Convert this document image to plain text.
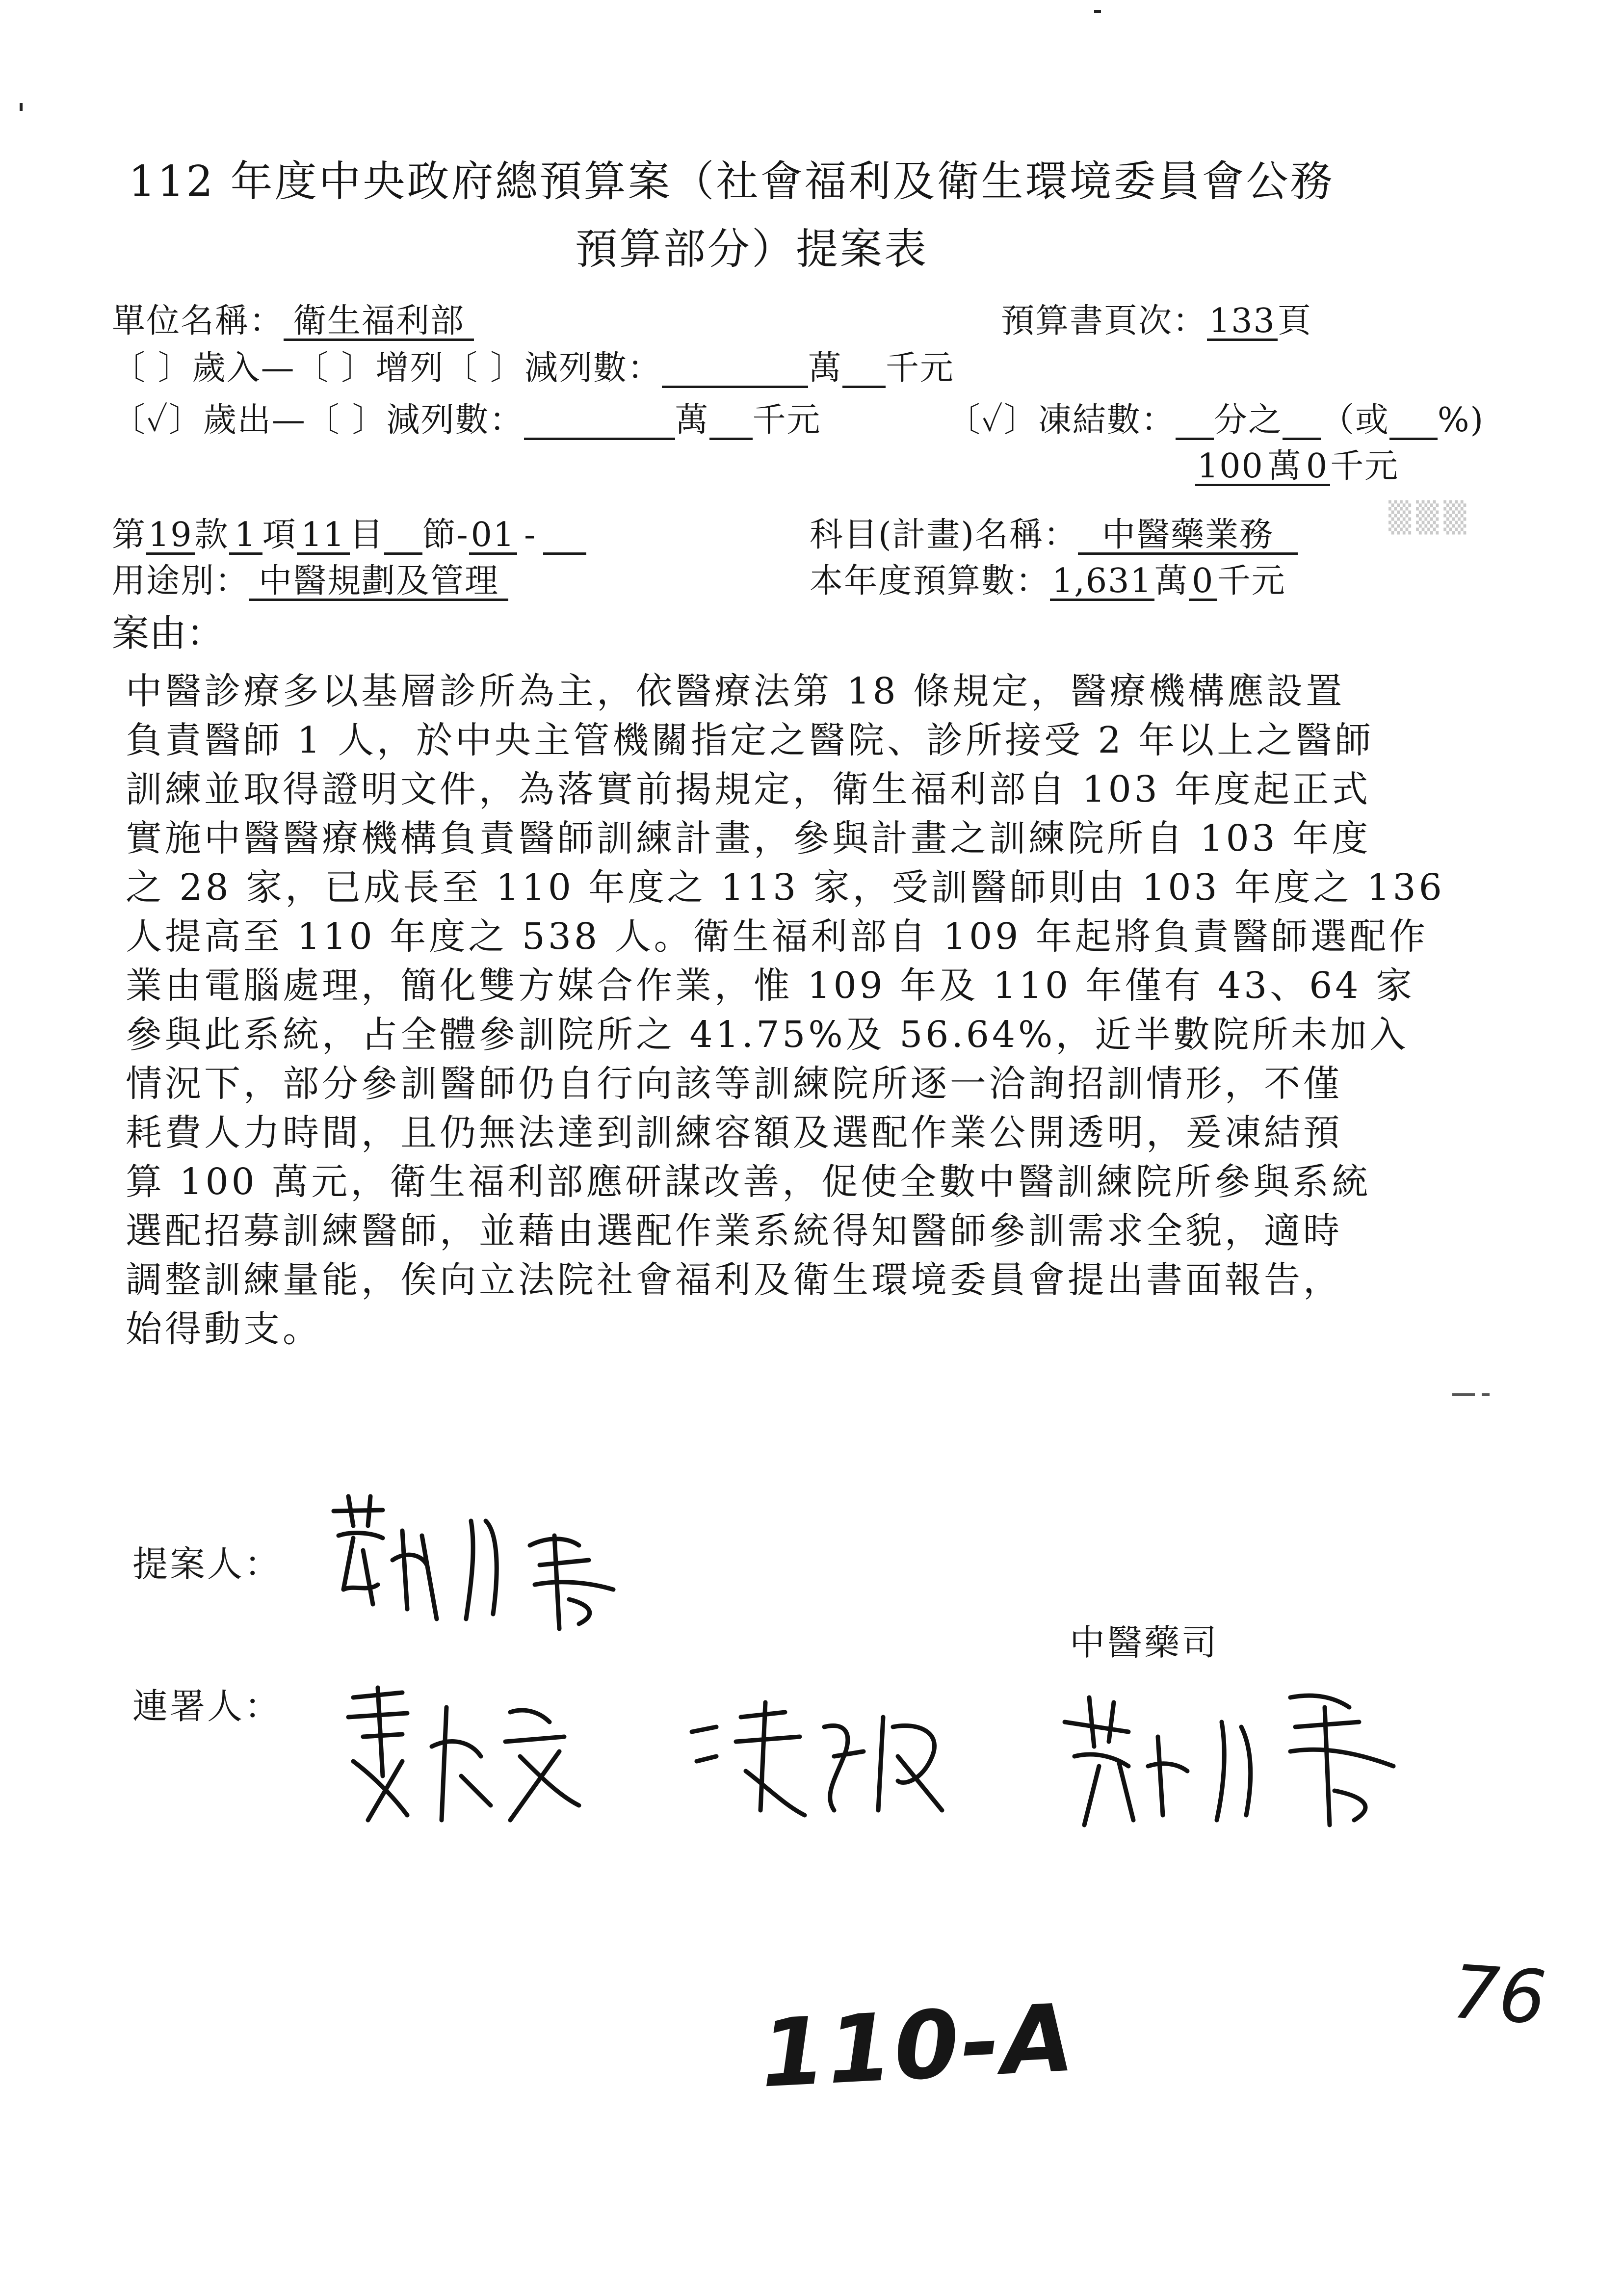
112 年度中央政府總預算案（社會福利及衛生環境委員會公務
預算部分）提案表
單位名稱： 衛生福利部	預算書頁次：133頁
〔 〕歲入—〔 〕增列〔 〕減列數：	萬 千元
〔✓〕歲出—〔 〕減列數：	萬 千元	〔✓〕凍結數： 分之 （或 %)
100 萬 0千元
第19款 1 項 11 目 節-01 -	科目(計畫)名稱： 中醫藥業務	▒▒▒
用途別： 中醫規劃及管理	本年度預算數：1,631萬0千元
案由：
中醫診療多以基層診所為主，依醫療法第 18 條規定，醫療機構應設置
負責醫師 1 人，於中央主管機關指定之醫院、診所接受 2 年以上之醫師
訓練並取得證明文件，為落實前揭規定，衛生福利部自 103 年度起正式
實施中醫醫療機構負責醫師訓練計畫，參與計畫之訓練院所自 103 年度
之 28 家，已成長至 110 年度之 113 家，受訓醫師則由 103 年度之 136
人提高至 110 年度之 538 人。衛生福利部自 109 年起將負責醫師選配作
業由電腦處理，簡化雙方媒合作業，惟 109 年及 110 年僅有 43、64 家
參與此系統，占全體參訓院所之 41.75%及 56.64%，近半數院所未加入
情況下，部分參訓醫師仍自行向該等訓練院所逐一洽詢招訓情形，不僅
耗費人力時間，且仍無法達到訓練容額及選配作業公開透明，爰凍結預
算 100 萬元，衛生福利部應研謀改善，促使全數中醫訓練院所參與系統
選配招募訓練醫師，並藉由選配作業系統得知醫師參訓需求全貌，適時
調整訓練量能，俟向立法院社會福利及衛生環境委員會提出書面報告，
始得動支。
提案人：
連署人：
中醫藥司
110-A	76
